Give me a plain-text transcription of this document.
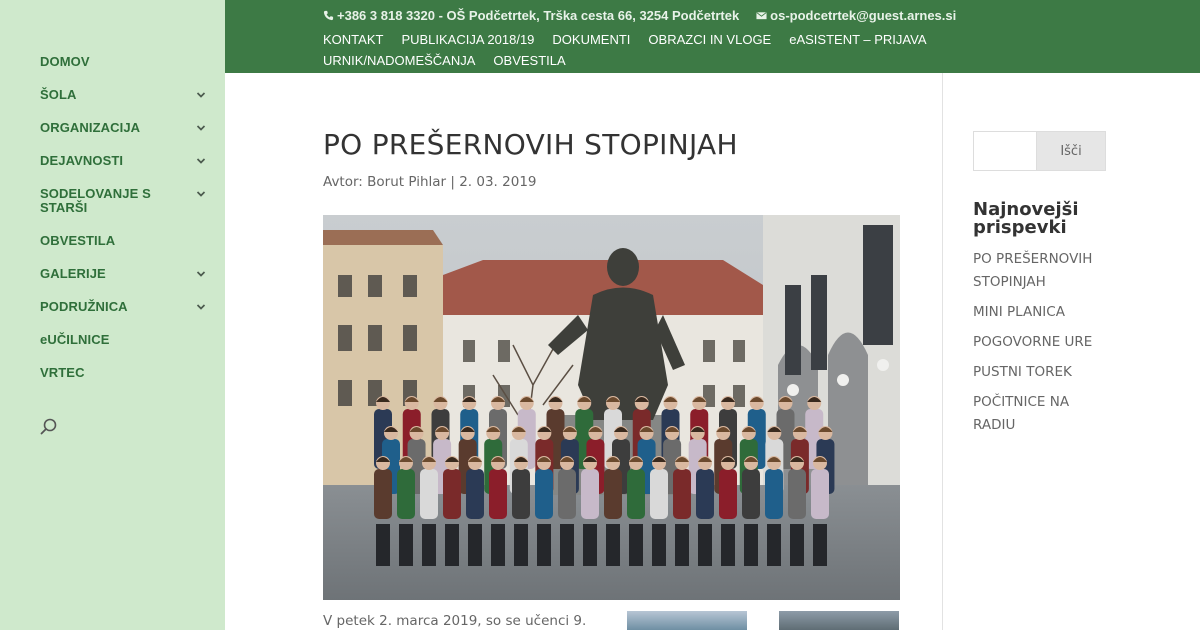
DOMOV
ŠOLA
ORGANIZACIJA
DEJAVNOSTI
SODELOVANJE S STARŠI
OBVESTILA
GALERIJE
PODRUŽNICA
eUČILNICE
VRTEC
+386 3 818 3320 - OŠ Podčetrtek, Trška cesta 66, 3254 Podčetrtek os-podcetrtek@guest.arnes.si
KONTAKT PUBLIKACIJA 2018/19 DOKUMENTI OBRAZCI IN VLOGE eASISTENT – PRIJAVA
URNIK/NADOMEŠČANJA OBVESTILA
PO PREŠERNOVIH STOPINJAH
Avtor: Borut Pihlar | 2. 03. 2019
V petek 2. marca 2019, so se učenci 9.
Išči
Najnovejši prispevki
PO PREŠERNOVIH STOPINJAH
MINI PLANICA
POGOVORNE URE
PUSTNI TOREK
POČITNICE NA RADIU
